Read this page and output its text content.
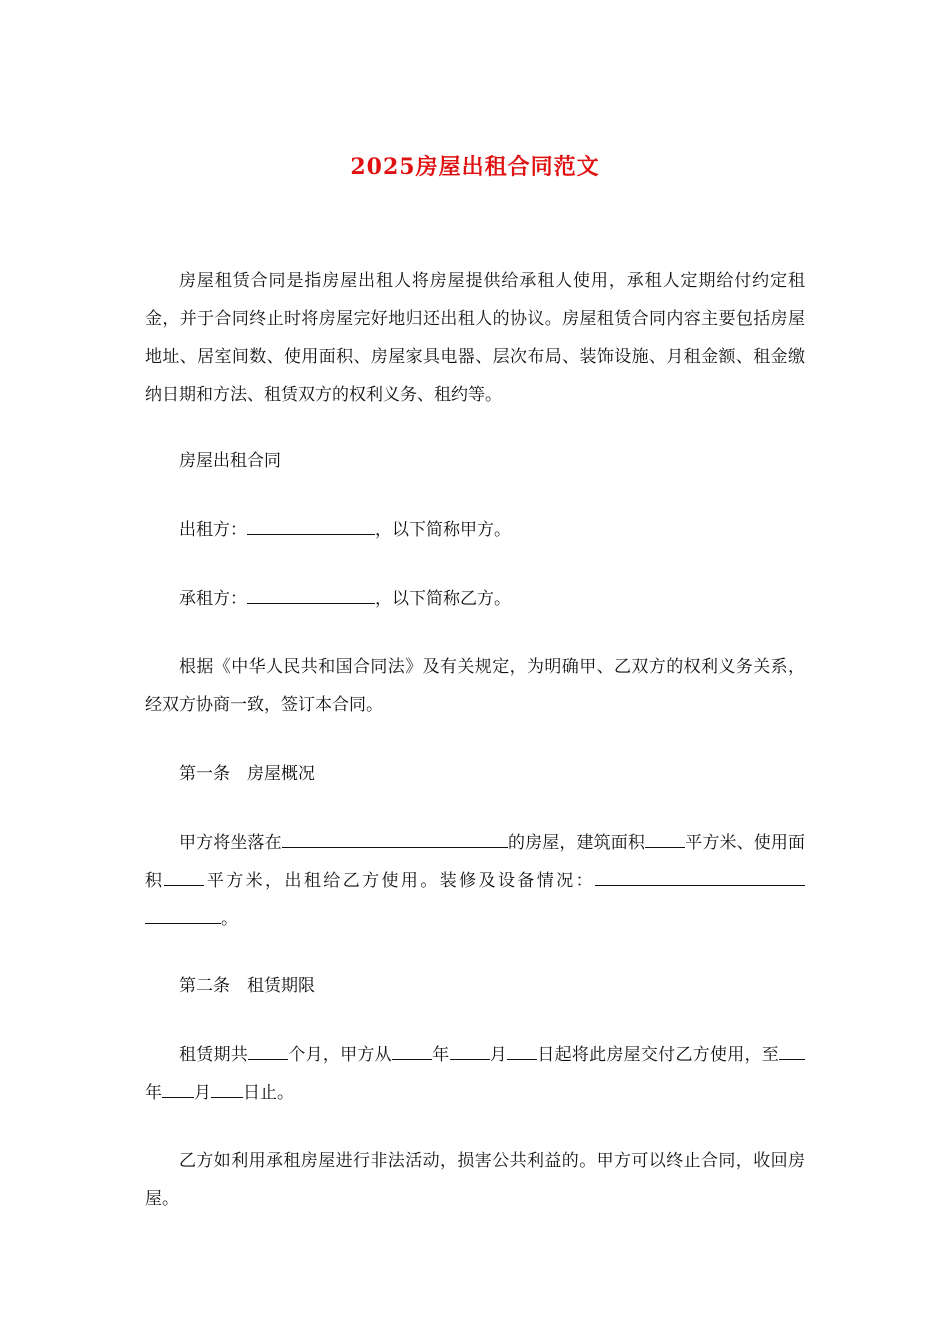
2025房屋出租合同范文

房屋租赁合同是指房屋出租人将房屋提供给承租人使用，承租人定期给付约定租金，并于合同终止时将房屋完好地归还出租人的协议。房屋租赁合同内容主要包括房屋地址、居室间数、使用面积、房屋家具电器、层次布局、装饰设施、月租金额、租金缴纳日期和方法、租赁双方的权利义务、租约等。

房屋出租合同

出租方：	，以下简称甲方。

承租方：	，以下简称乙方。

根据《中华人民共和国合同法》及有关规定，为明确甲、乙双方的权利义务关系，经双方协商一致，签订本合同。

第一条　房屋概况

甲方将坐落在	的房屋，建筑面积 平方米、使用面积 平方米，出租给乙方使用。装修及设备情况：。

第二条　租赁期限

租赁期共 个月，甲方从 年 月 日起将此房屋交付乙方使用，至年 月 日止。

乙方如利用承租房屋进行非法活动，损害公共利益的。甲方可以终止合同，收回房屋。
